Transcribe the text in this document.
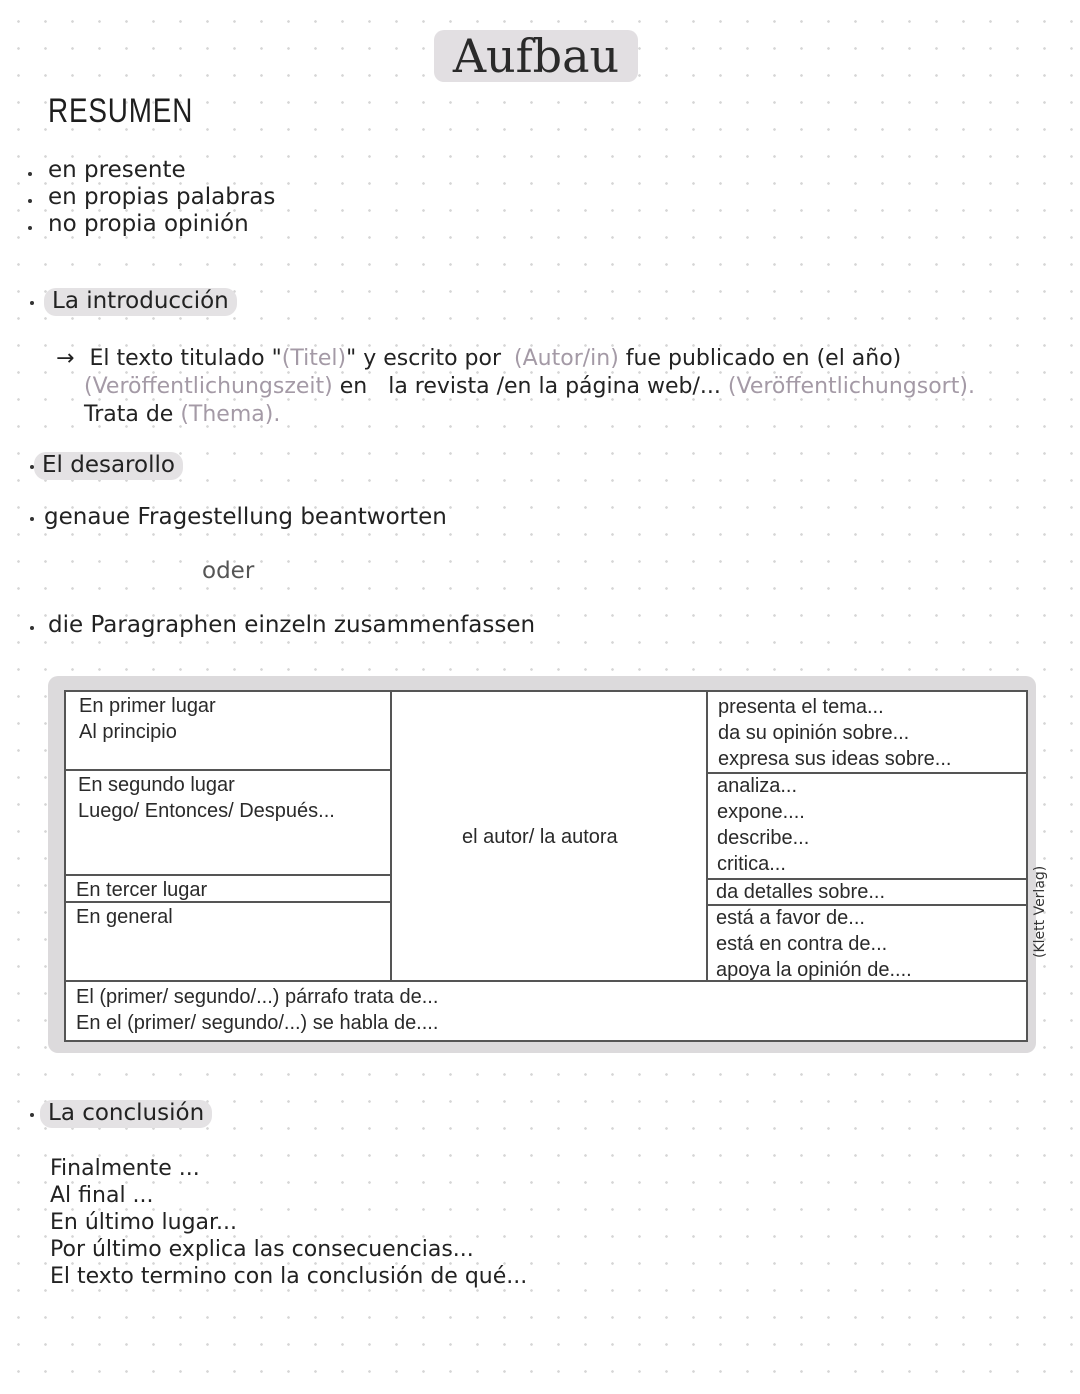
Aufbau
RESUMEN
en presente
en propias palabras
no propia opinión
La introducción
→ El texto titulado "(Titel)" y escrito por (Autor/in) fue publicado en (el año)
(Veröffentlichungszeit) en la revista /en la página web/... (Veröffentlichungsort).
Trata de (Thema).
El desarollo
genaue Fragestellung beantworten
oder
die Paragraphen einzeln zusammenfassen
En primer lugar
Al principio
En segundo lugar
Luego/ Entonces/ Después...
En tercer lugar
En general
el autor/ la autora
presenta el tema...
da su opinión sobre...
expresa sus ideas sobre...
analiza...
expone....
describe...
critica...
da detalles sobre...
está a favor de...
está en contra de...
apoya la opinión de....
El (primer/ segundo/...) párrafo trata de...
En el (primer/ segundo/...) se habla de....
(Klett Verlag)
La conclusión
Finalmente ...
Al final ...
En último lugar...
Por último explica las consecuencias...
El texto termino con la conclusión de qué...
